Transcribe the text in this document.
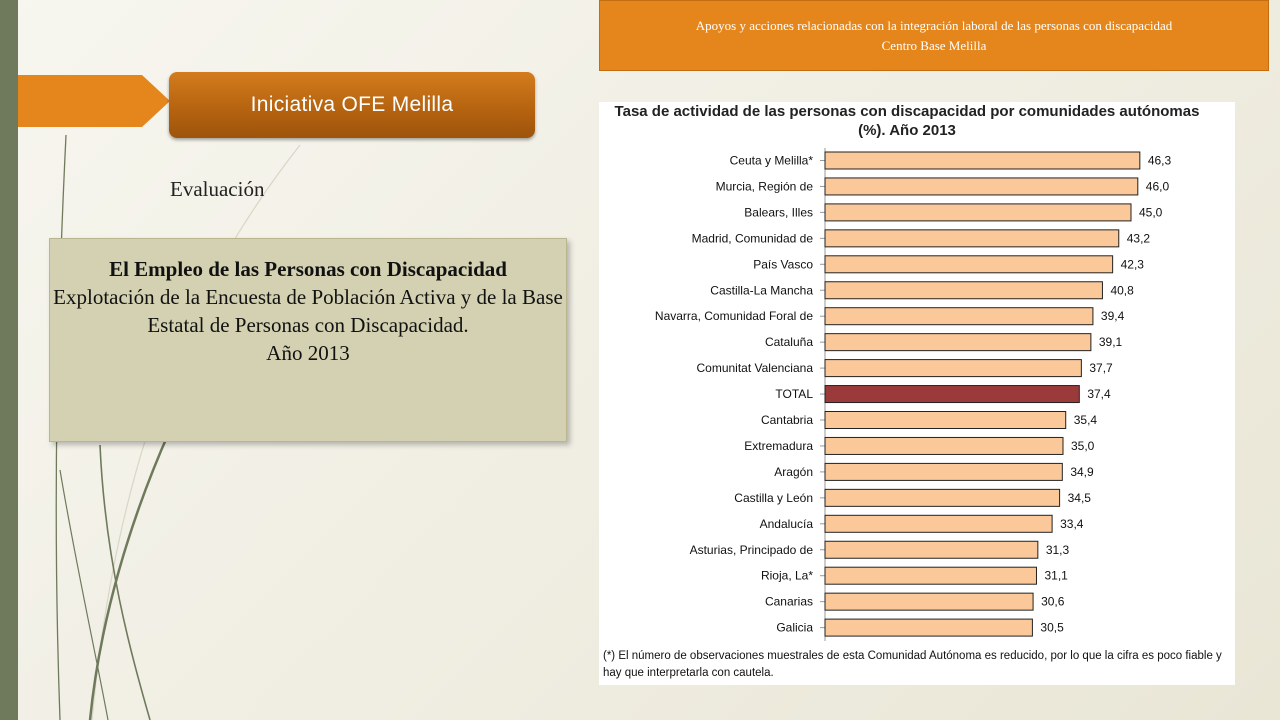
Apoyos y acciones relacionadas con la integración laboral de las personas con discapacidad
Centro Base Melilla
Iniciativa OFE Melilla
Evaluación
El Empleo de las Personas con Discapacidad
Explotación de la Encuesta de Población Activa y de la Base Estatal de Personas con Discapacidad.
Año 2013
Tasa de actividad de las personas con discapacidad por comunidades autónomas (%). Año 2013
Ceuta y Melilla*	46,3
Murcia, Región de	46,0
Balears, Illes	45,0
Madrid, Comunidad de	43,2
País Vasco	42,3
Castilla-La Mancha	40,8
Navarra, Comunidad Foral de	39,4
Cataluña	39,1
Comunitat Valenciana	37,7
TOTAL	37,4
Cantabria	35,4
Extremadura	35,0
Aragón	34,9
Castilla y León	34,5
Andalucía	33,4
Asturias, Principado de	31,3
Rioja, La*	31,1
Canarias	30,6
Galicia	30,5
(*) El número de observaciones muestrales de esta Comunidad Autónoma es reducido, por lo que la cifra es poco fiable y hay que interpretarla con cautela.
